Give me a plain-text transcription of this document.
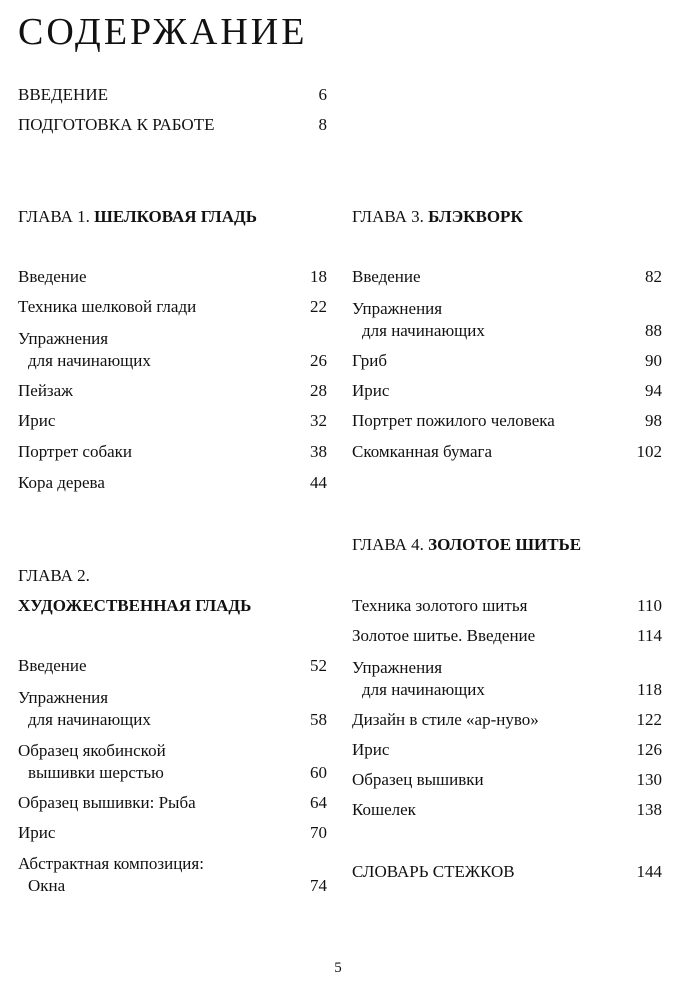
СОДЕРЖАНИЕ
ВВЕДЕНИЕ	6
ПОДГОТОВКА К РАБОТЕ	8
ГЛАВА 1. ШЕЛКОВАЯ ГЛАДЬ
Введение	18
Техника шелковой глади	22
Упражнения
для начинающих	26
Пейзаж	28
Ирис	32
Портрет собаки	38
Кора дерева	44
ГЛАВА 2.
ХУДОЖЕСТВЕННАЯ ГЛАДЬ
Введение	52
Упражнения
для начинающих	58
Образец якобинской
вышивки шерстью	60
Образец вышивки: Рыба	64
Ирис	70
Абстрактная композиция:
Окна	74
ГЛАВА 3. БЛЭКВОРК
Введение	82
Упражнения
для начинающих	88
Гриб	90
Ирис	94
Портрет пожилого человека	98
Скомканная бумага	102
ГЛАВА 4. ЗОЛОТОЕ ШИТЬЕ
Техника золотого шитья	110
Золотое шитье. Введение	114
Упражнения
для начинающих	118
Дизайн в стиле «ар-нуво»	122
Ирис	126
Образец вышивки	130
Кошелек	138
СЛОВАРЬ СТЕЖКОВ	144
5
